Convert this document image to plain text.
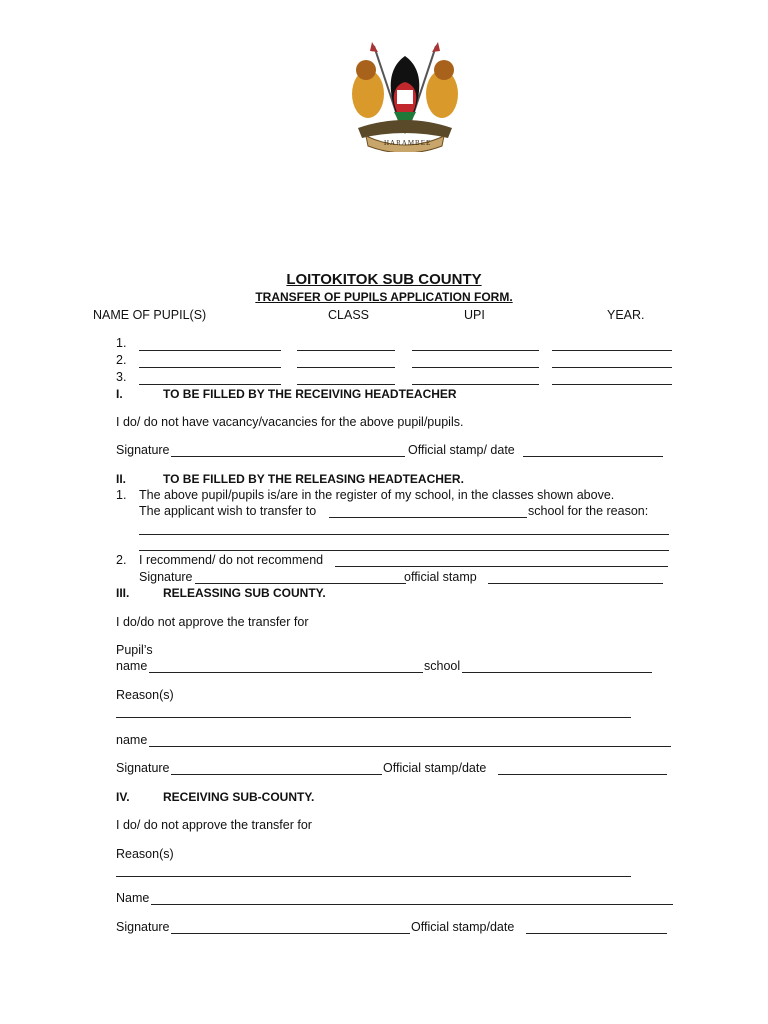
HARAMBEE
LOITOKITOK SUB COUNTY
TRANSFER OF PUPILS APPLICATION FORM.
NAME OF PUPIL(S)	CLASS	UPI	YEAR.
1.
2.
3.
I.	TO BE FILLED BY THE RECEIVING HEADTEACHER
I do/ do not have vacancy/vacancies for the above pupil/pupils.
Signature	Official stamp/ date
II.	TO BE FILLED BY THE RELEASING HEADTEACHER.
1. The above pupil/pupils is/are in the register of my school, in the classes shown above.
The applicant wish to transfer to	school for the reason:
2. I recommend/ do not recommend
Signature	official stamp
III.	RELEASSING SUB COUNTY.
I do/do not approve the transfer for
Pupil’s
name	school
Reason(s)
name
Signature	Official stamp/date
IV.	RECEIVING SUB-COUNTY.
I do/ do not approve the transfer for
Reason(s)
Name
Signature	Official stamp/date
